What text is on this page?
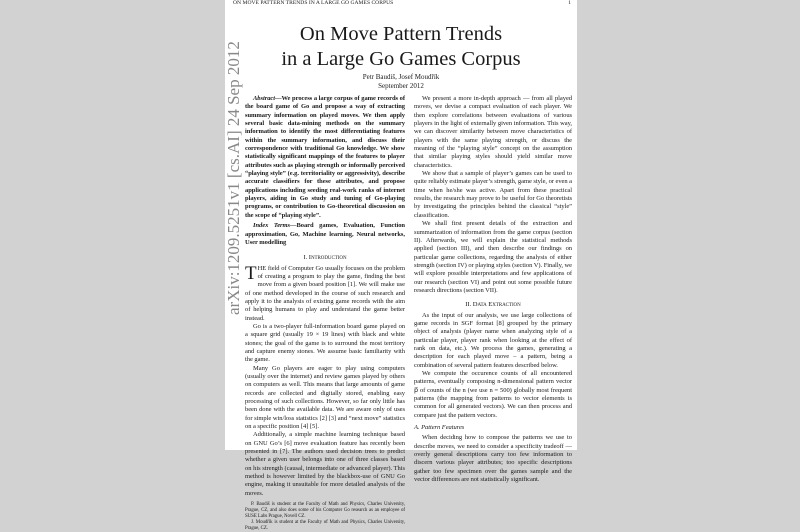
ON MOVE PATTERN TRENDS IN A LARGE GO GAMES CORPUS	1
arXiv:1209.5251v1 [cs.AI] 24 Sep 2012
On Move Pattern Trends
in a Large Go Games Corpus
Petr Baudiš, Josef Moudřík
September 2012

Abstract—We process a large corpus of game records of the board game of Go and propose a way of extracting summary information on played moves. We then apply several basic data-mining methods on the summary information to identify the most differentiating features within the summary information, and discuss their correspondence with traditional Go knowledge. We show statistically significant mappings of the features to player attributes such as playing strength or informally perceived “playing style” (e.g. territoriality or aggressivity), describe accurate classifiers for these attributes, and propose applications including seeding real-work ranks of internet players, aiding in Go study and tuning of Go-playing programs, or contribution to Go-theoretical discussion on the scope of “playing style”.

Index Terms—Board games, Evaluation, Function approximation, Go, Machine learning, Neural networks, User modelling

I. Introduction

THE field of Computer Go usually focuses on the problem of creating a program to play the game, finding the best move from a given board position [1]. We will make use of one method developed in the course of such research and apply it to the analysis of existing game records with the aim of helping humans to play and understand the game better instead.

Go is a two-player full-information board game played on a square grid (usually 19 × 19 lines) with black and white stones; the goal of the game is to surround the most territory and capture enemy stones. We assume basic familiarity with the game.

Many Go players are eager to play using computers (usually over the internet) and review games played by others on computers as well. This means that large amounts of game records are collected and digitally stored, enabling easy processing of such collections. However, so far only little has been done with the available data. We are aware only of uses for simple win/loss statistics [2] [3] and “next move” statistics on a specific position [4] [5].

Additionally, a simple machine learning technique based on GNU Go’s [6] move evaluation feature has recently been presented in [7]. The authors used decision trees to predict whether a given user belongs into one of three classes based on his strength (causal, intermediate or advanced player). This method is however limited by the blackbox-use of GNU Go engine, making it unsuitable for more detailed analysis of the moves.

P. Baudiš is student at the Faculty of Math and Physics, Charles University, Prague, CZ, and also does some of his Computer Go research as an employee of SUSE Labs Prague, Novell CZ.

J. Moudřík is student at the Faculty of Math and Physics, Charles University, Prague, CZ.

We present a more in-depth approach — from all played moves, we devise a compact evaluation of each player. We then explore correlations between evaluations of various players in the light of externally given information. This way, we can discover similarity between move characteristics of players with the same playing strength, or discuss the meaning of the “playing style” concept on the assumption that similar playing styles should yield similar move characteristics.

We show that a sample of player’s games can be used to quite reliably estimate player’s strength, game style, or even a time when he/she was active. Apart from these practical results, the research may prove to be useful for Go theoretists by investigating the principles behind the classical “style” classification.

We shall first present details of the extraction and summarization of information from the game corpus (section II). Afterwards, we will explain the statistical methods applied (section III), and then describe our findings on particular game collections, regarding the analysis of either strength (section IV) or playing styles (section V). Finally, we will explore possible interpretations and few applications of our research (section VI) and point out some possible future research directions (section VII).

II. Data Extraction

As the input of our analysis, we use large collections of game records in SGF format [8] grouped by the primary object of analysis (player name when analyzing style of a particular player, player rank when looking at the effect of rank on data, etc.). We process the games, generating a description for each played move – a pattern, being a combination of several pattern features described below.

We compute the occurence counts of all encountered patterns, eventually composing n-dimensional pattern vector p⃗ of counts of the n (we use n = 500) globally most frequent patterns (the mapping from patterns to vector elements is common for all generated vectors). We can then process and compare just the pattern vectors.

A. Pattern Features

When deciding how to compose the patterns we use to describe moves, we need to consider a specificity tradeoff — overly general descriptions carry too few information to discern various player attributes; too specific descriptions gather too few specimen over the games sample and the vector differences are not statistically significant.
